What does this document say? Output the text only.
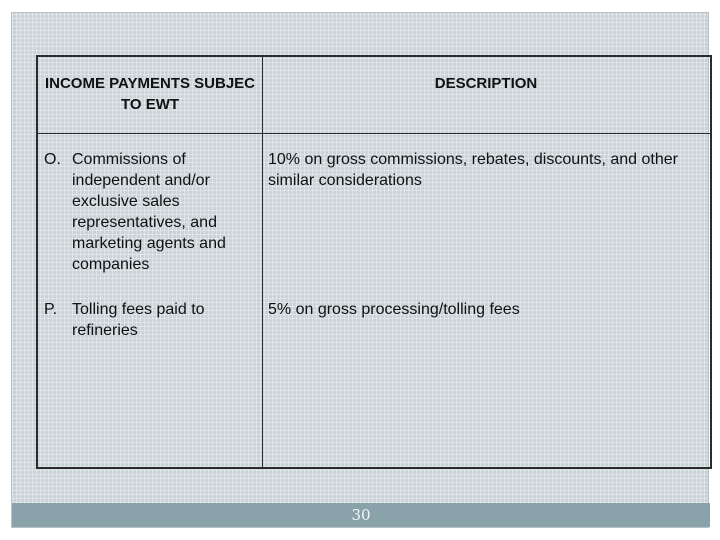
INCOME PAYMENTS SUBJEC TO EWT
DESCRIPTION
O. Commissions of independent and/or exclusive sales representatives, and marketing agents and companies
10% on gross commissions, rebates, discounts, and other similar considerations
P. Tolling fees paid to refineries
5% on gross processing/tolling fees
30
